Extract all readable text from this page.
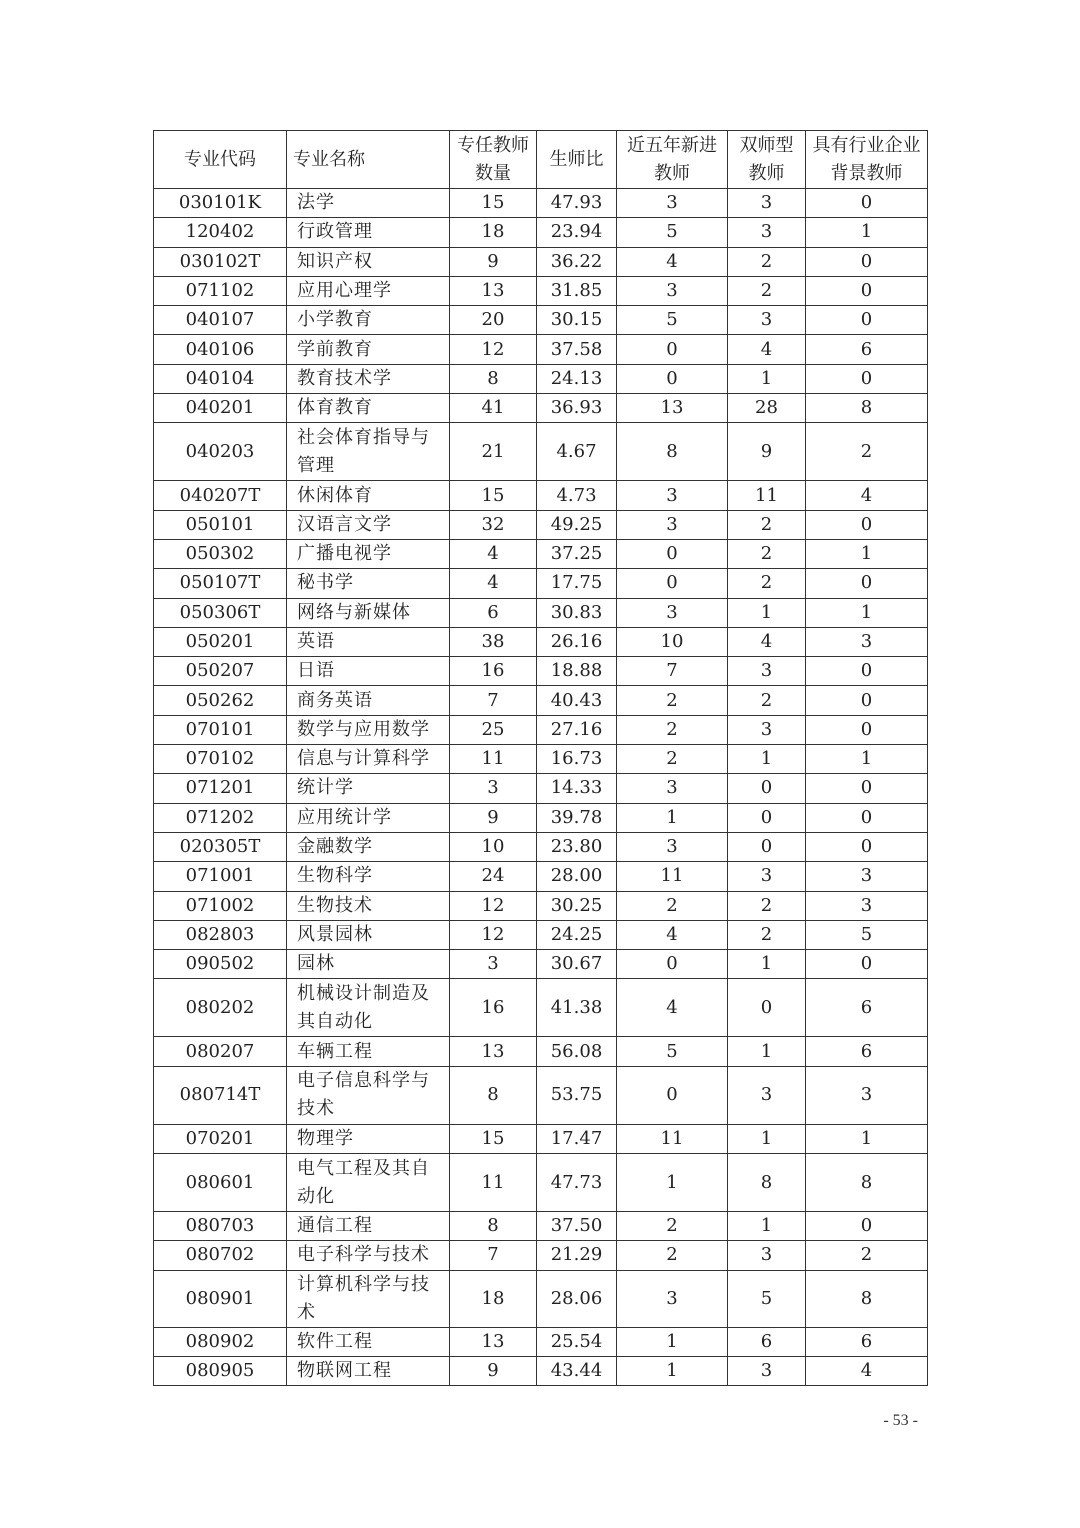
专业代码	专业名称	专任教师数量	生师比	近五年新进教师	双师型教师	具有行业企业背景教师
030101K	法学	15	47.93	3	3	0
120402	行政管理	18	23.94	5	3	1
030102T	知识产权	9	36.22	4	2	0
071102	应用心理学	13	31.85	3	2	0
040107	小学教育	20	30.15	5	3	0
040106	学前教育	12	37.58	0	4	6
040104	教育技术学	8	24.13	0	1	0
040201	体育教育	41	36.93	13	28	8
040203	社会体育指导与管理	21	4.67	8	9	2
040207T	休闲体育	15	4.73	3	11	4
050101	汉语言文学	32	49.25	3	2	0
050302	广播电视学	4	37.25	0	2	1
050107T	秘书学	4	17.75	0	2	0
050306T	网络与新媒体	6	30.83	3	1	1
050201	英语	38	26.16	10	4	3
050207	日语	16	18.88	7	3	0
050262	商务英语	7	40.43	2	2	0
070101	数学与应用数学	25	27.16	2	3	0
070102	信息与计算科学	11	16.73	2	1	1
071201	统计学	3	14.33	3	0	0
071202	应用统计学	9	39.78	1	0	0
020305T	金融数学	10	23.80	3	0	0
071001	生物科学	24	28.00	11	3	3
071002	生物技术	12	30.25	2	2	3
082803	风景园林	12	24.25	4	2	5
090502	园林	3	30.67	0	1	0
080202	机械设计制造及其自动化	16	41.38	4	0	6
080207	车辆工程	13	56.08	5	1	6
080714T	电子信息科学与技术	8	53.75	0	3	3
070201	物理学	15	17.47	11	1	1
080601	电气工程及其自动化	11	47.73	1	8	8
080703	通信工程	8	37.50	2	1	0
080702	电子科学与技术	7	21.29	2	3	2
080901	计算机科学与技术	18	28.06	3	5	8
080902	软件工程	13	25.54	1	6	6
080905	物联网工程	9	43.44	1	3	4
- 53 -
